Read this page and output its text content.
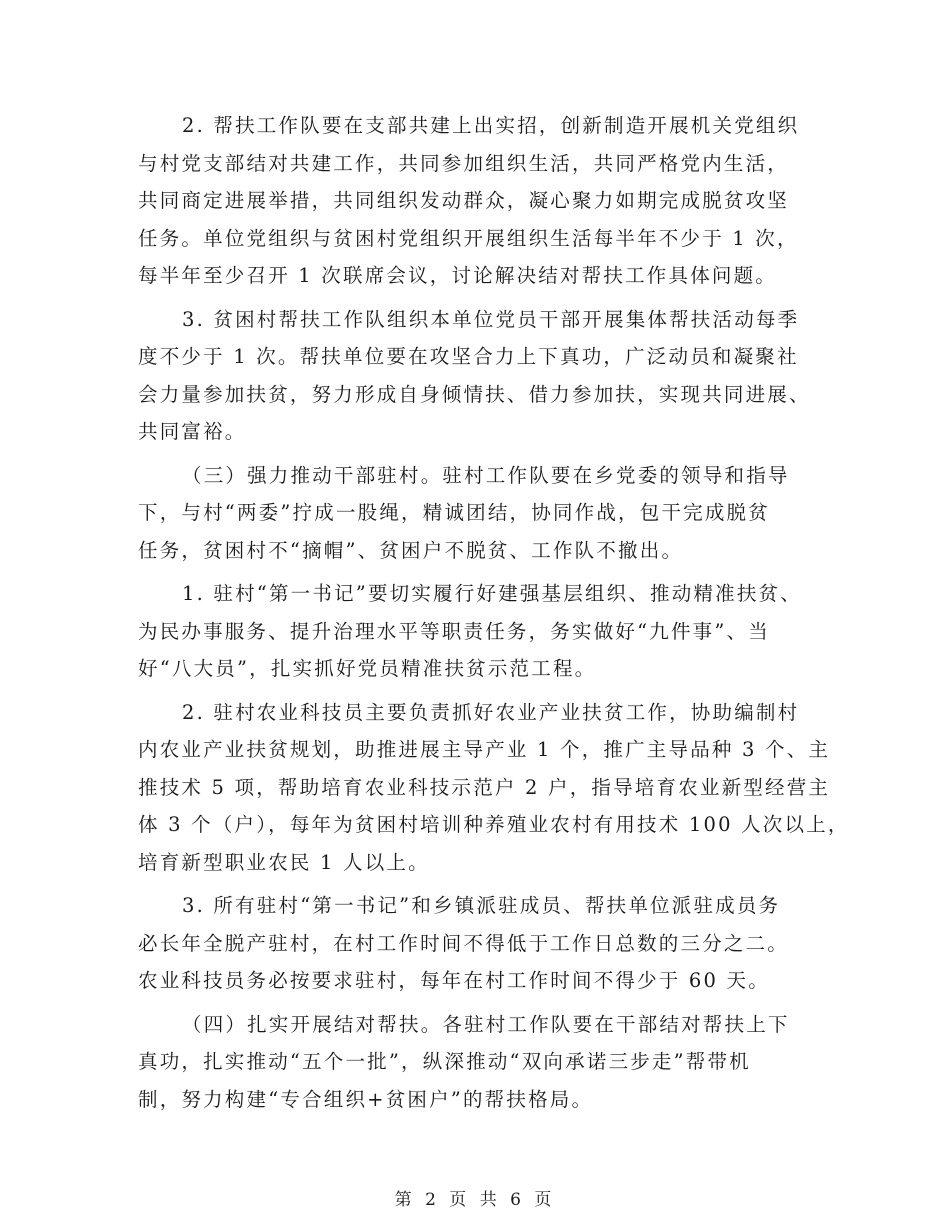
2. 帮扶工作队要在支部共建上出实招，创新制造开展机关党组织
与村党支部结对共建工作，共同参加组织生活，共同严格党内生活，
共同商定进展举措，共同组织发动群众，凝心聚力如期完成脱贫攻坚
任务。单位党组织与贫困村党组织开展组织生活每半年不少于 1 次，
每半年至少召开 1 次联席会议，讨论解决结对帮扶工作具体问题。

3. 贫困村帮扶工作队组织本单位党员干部开展集体帮扶活动每季
度不少于 1 次。帮扶单位要在攻坚合力上下真功，广泛动员和凝聚社
会力量参加扶贫，努力形成自身倾情扶、借力参加扶，实现共同进展、
共同富裕。

（三）强力推动干部驻村。驻村工作队要在乡党委的领导和指导
下，与村“两委”拧成一股绳，精诚团结，协同作战，包干完成脱贫
任务，贫困村不“摘帽”、贫困户不脱贫、工作队不撤出。

1. 驻村“第一书记”要切实履行好建强基层组织、推动精准扶贫、
为民办事服务、提升治理水平等职责任务，务实做好“九件事”、当
好“八大员”，扎实抓好党员精准扶贫示范工程。

2. 驻村农业科技员主要负责抓好农业产业扶贫工作，协助编制村
内农业产业扶贫规划，助推进展主导产业 1 个，推广主导品种 3 个、主
推技术 5 项，帮助培育农业科技示范户 2 户，指导培育农业新型经营主
体 3 个（户），每年为贫困村培训种养殖业农村有用技术 100 人次以上，
培育新型职业农民 1 人以上。

3. 所有驻村“第一书记”和乡镇派驻成员、帮扶单位派驻成员务
必长年全脱产驻村，在村工作时间不得低于工作日总数的三分之二。
农业科技员务必按要求驻村，每年在村工作时间不得少于 60 天。

（四）扎实开展结对帮扶。各驻村工作队要在干部结对帮扶上下
真功，扎实推动“五个一批”，纵深推动“双向承诺三步走”帮带机
制，努力构建“专合组织+贫困户”的帮扶格局。

第 2 页 共 6 页
